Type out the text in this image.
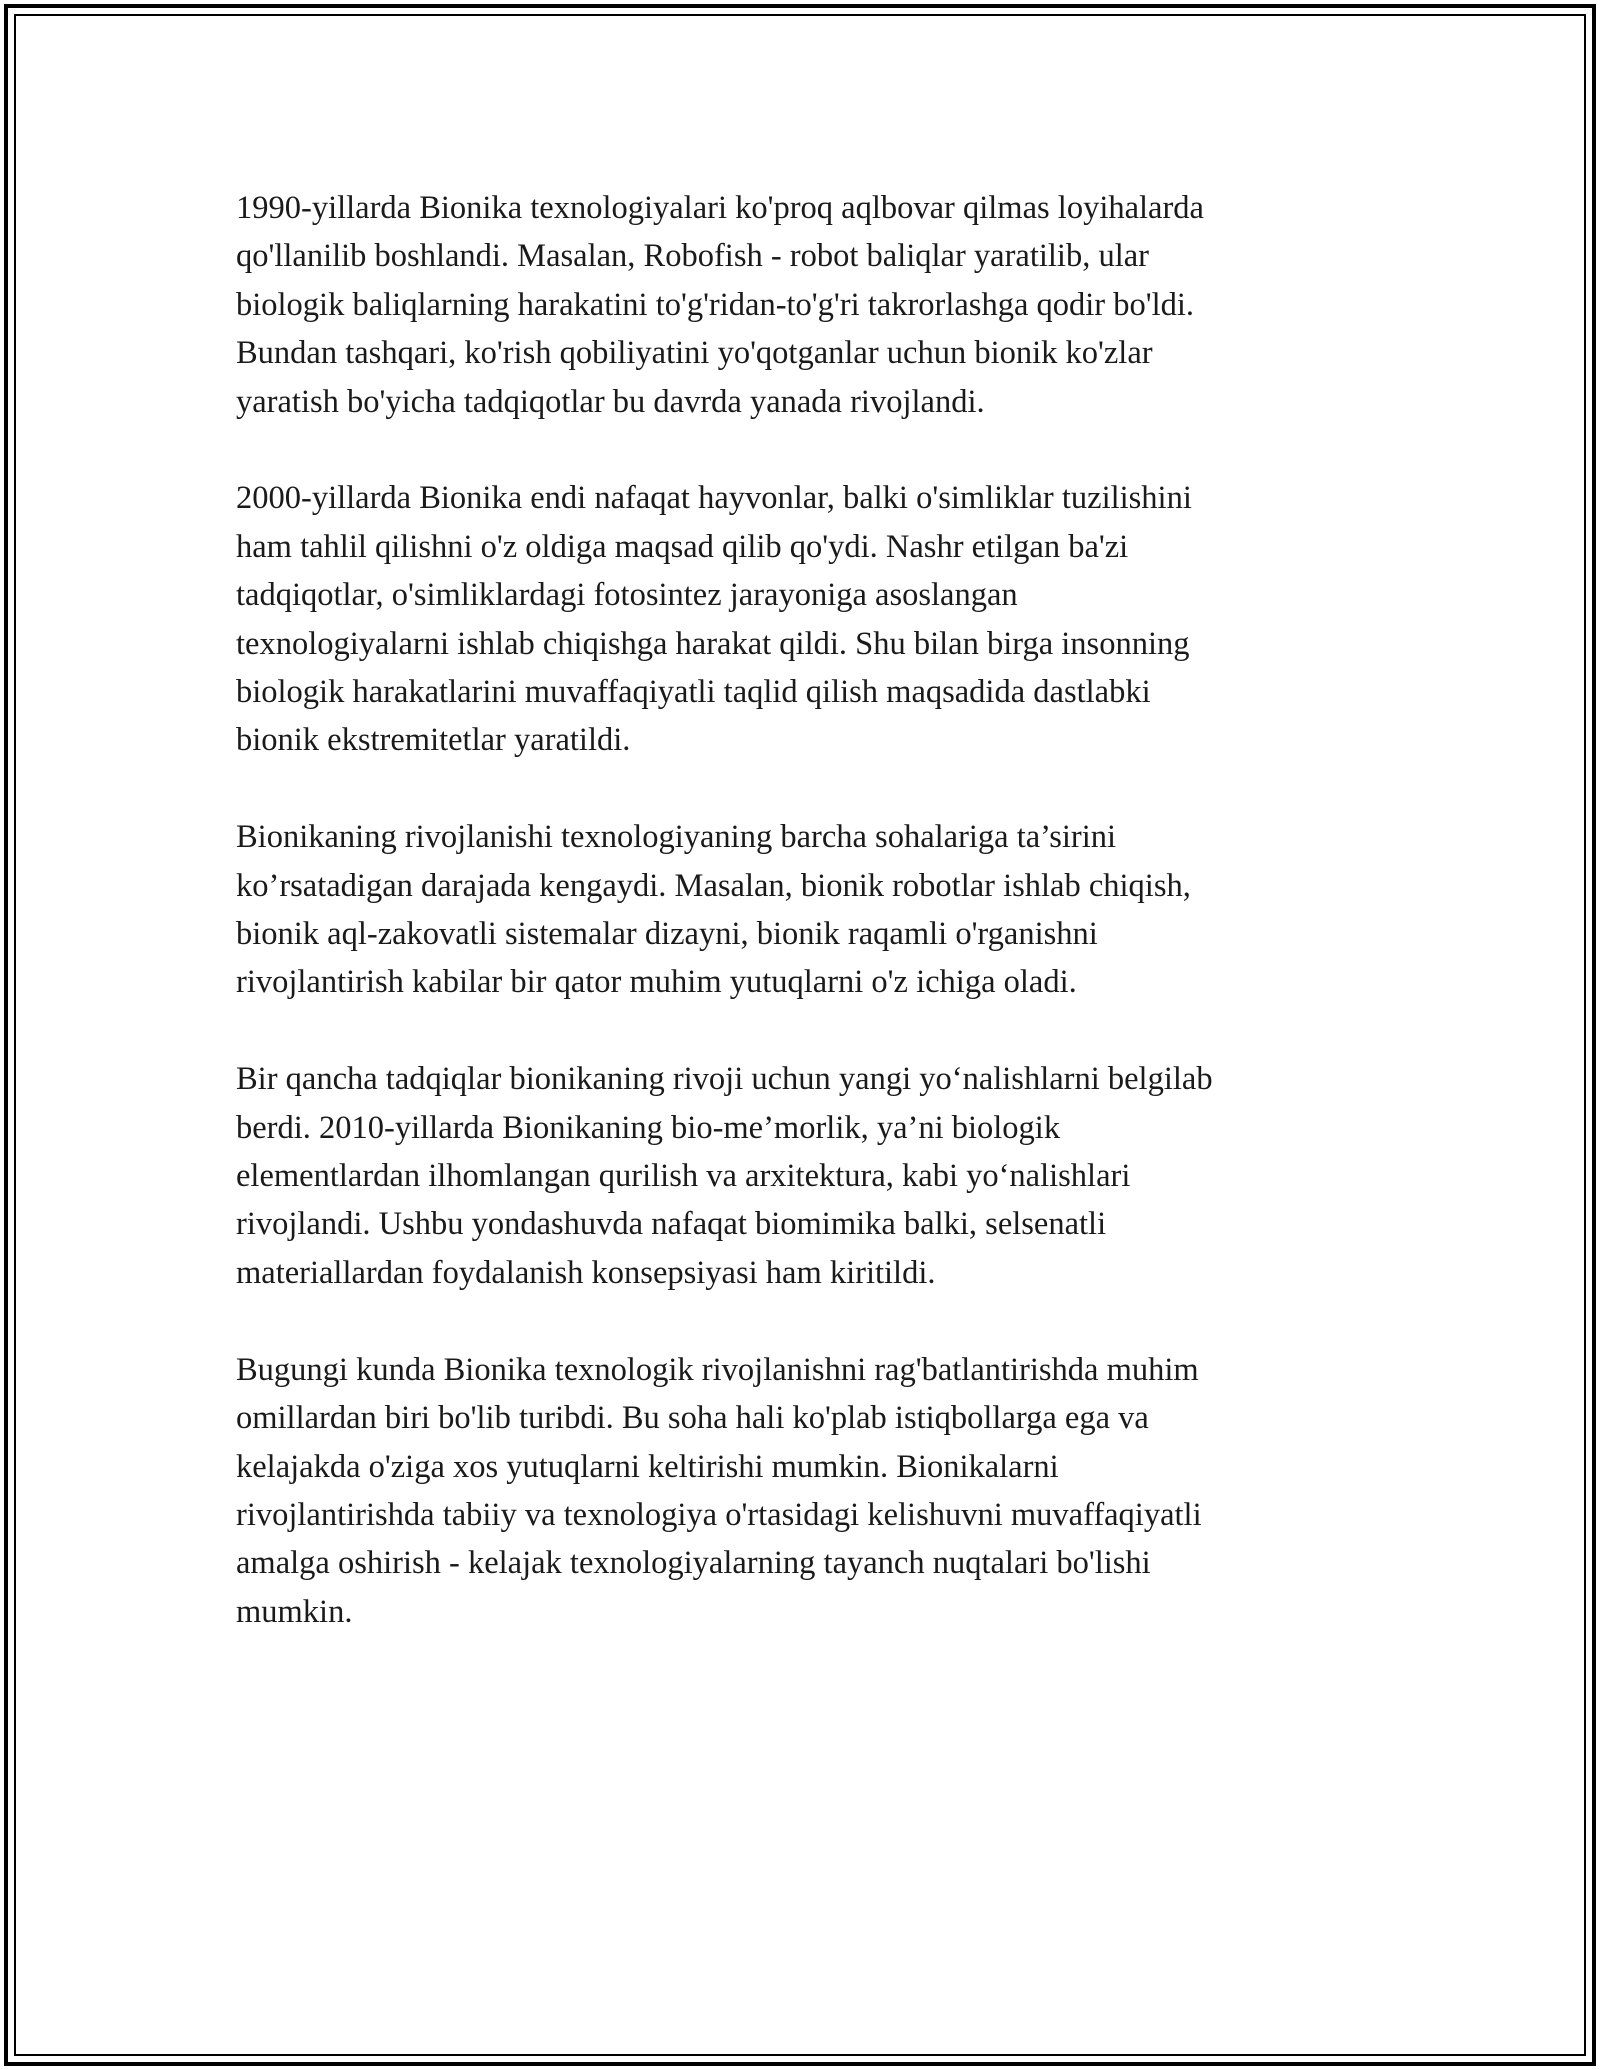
1990-yillarda Bionika texnologiyalari ko'proq aqlbovar qilmas loyihalarda
qo'llanilib boshlandi. Masalan, Robofish - robot baliqlar yaratilib, ular
biologik baliqlarning harakatini to'g'ridan-to'g'ri takrorlashga qodir bo'ldi.
Bundan tashqari, ko'rish qobiliyatini yo'qotganlar uchun bionik ko'zlar
yaratish bo'yicha tadqiqotlar bu davrda yanada rivojlandi.

2000-yillarda Bionika endi nafaqat hayvonlar, balki o'simliklar tuzilishini
ham tahlil qilishni o'z oldiga maqsad qilib qo'ydi. Nashr etilgan ba'zi
tadqiqotlar, o'simliklardagi fotosintez jarayoniga asoslangan
texnologiyalarni ishlab chiqishga harakat qildi. Shu bilan birga insonning
biologik harakatlarini muvaffaqiyatli taqlid qilish maqsadida dastlabki
bionik ekstremitetlar yaratildi.

Bionikaning rivojlanishi texnologiyaning barcha sohalariga ta’sirini
ko’rsatadigan darajada kengaydi. Masalan, bionik robotlar ishlab chiqish,
bionik aql-zakovatli sistemalar dizayni, bionik raqamli o'rganishni
rivojlantirish kabilar bir qator muhim yutuqlarni o'z ichiga oladi.

Bir qancha tadqiqlar bionikaning rivoji uchun yangi yo‘nalishlarni belgilab
berdi. 2010-yillarda Bionikaning bio-me’morlik, ya’ni biologik
elementlardan ilhomlangan qurilish va arxitektura, kabi yo‘nalishlari
rivojlandi. Ushbu yondashuvda nafaqat biomimika balki, selsenatli
materiallardan foydalanish konsepsiyasi ham kiritildi.

Bugungi kunda Bionika texnologik rivojlanishni rag'batlantirishda muhim
omillardan biri bo'lib turibdi. Bu soha hali ko'plab istiqbollarga ega va
kelajakda o'ziga xos yutuqlarni keltirishi mumkin. Bionikalarni
rivojlantirishda tabiiy va texnologiya o'rtasidagi kelishuvni muvaffaqiyatli
amalga oshirish - kelajak texnologiyalarning tayanch nuqtalari bo'lishi
mumkin.
